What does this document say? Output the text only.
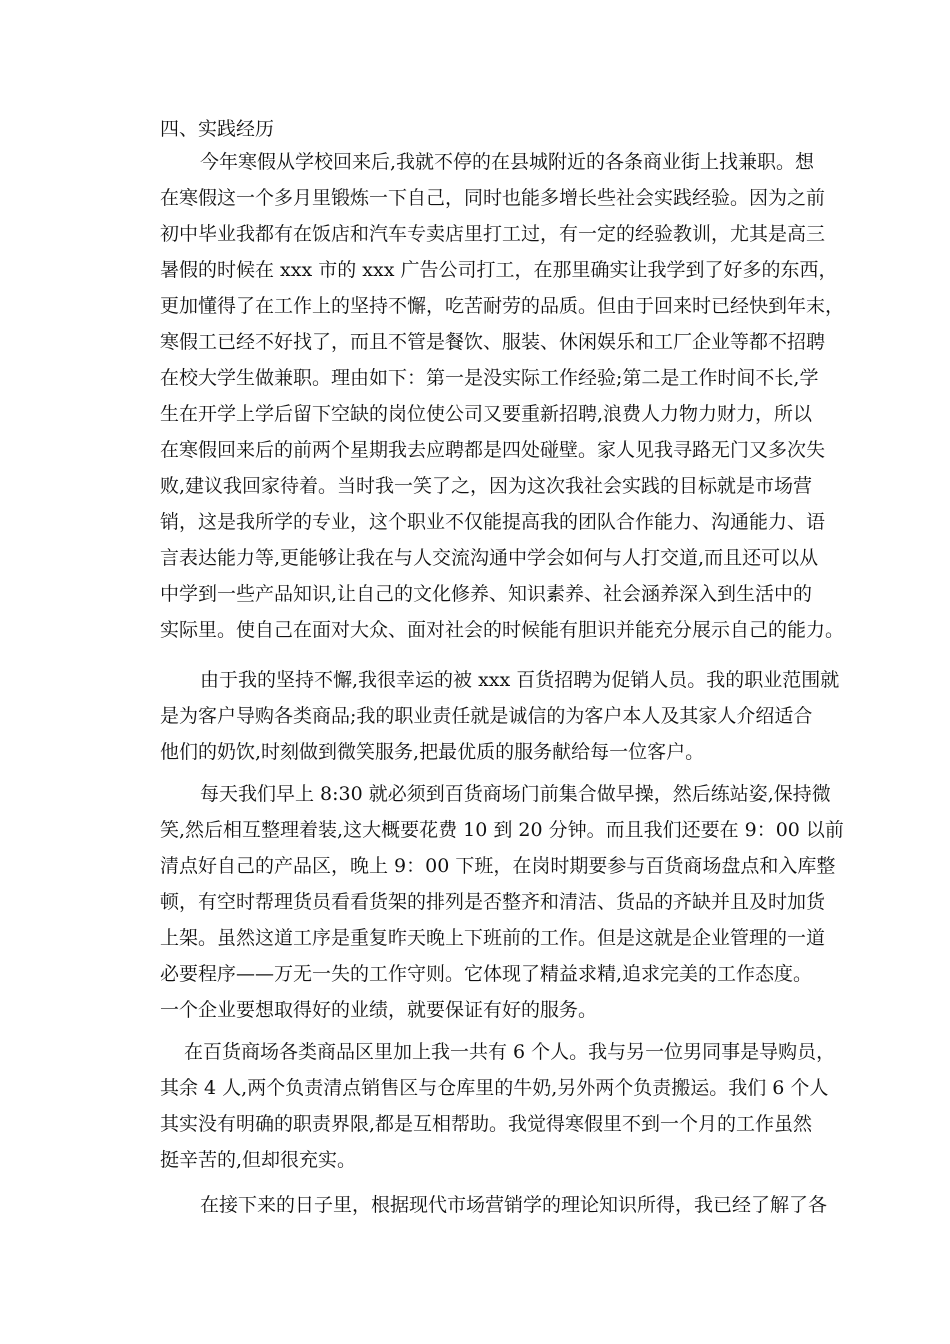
四、实践经历
今年寒假从学校回来后,我就不停的在县城附近的各条商业街上找兼职。想
在寒假这一个多月里锻炼一下自己，同时也能多增长些社会实践经验。因为之前
初中毕业我都有在饭店和汽车专卖店里打工过，有一定的经验教训，尤其是高三
暑假的时候在 xxx 市的 xxx 广告公司打工，在那里确实让我学到了好多的东西，
更加懂得了在工作上的坚持不懈，吃苦耐劳的品质。但由于回来时已经快到年末，
寒假工已经不好找了，而且不管是餐饮、服装、休闲娱乐和工厂企业等都不招聘
在校大学生做兼职。理由如下：第一是没实际工作经验;第二是工作时间不长,学
生在开学上学后留下空缺的岗位使公司又要重新招聘,浪费人力物力财力，所以
在寒假回来后的前两个星期我去应聘都是四处碰壁。家人见我寻路无门又多次失
败,建议我回家待着。当时我一笑了之，因为这次我社会实践的目标就是市场营
销，这是我所学的专业，这个职业不仅能提高我的团队合作能力、沟通能力、语
言表达能力等,更能够让我在与人交流沟通中学会如何与人打交道,而且还可以从
中学到一些产品知识,让自己的文化修养、知识素养、社会涵养深入到生活中的
实际里。使自己在面对大众、面对社会的时候能有胆识并能充分展示自己的能力。
由于我的坚持不懈,我很幸运的被 xxx 百货招聘为促销人员。我的职业范围就
是为客户导购各类商品;我的职业责任就是诚信的为客户本人及其家人介绍适合
他们的奶饮,时刻做到微笑服务,把最优质的服务献给每一位客户。
每天我们早上 8:30 就必须到百货商场门前集合做早操，然后练站姿,保持微
笑,然后相互整理着装,这大概要花费 10 到 20 分钟。而且我们还要在 9：00 以前
清点好自己的产品区，晚上 9：00 下班，在岗时期要参与百货商场盘点和入库整
顿，有空时帮理货员看看货架的排列是否整齐和清洁、货品的齐缺并且及时加货
上架。虽然这道工序是重复昨天晚上下班前的工作。但是这就是企业管理的一道
必要程序——万无一失的工作守则。它体现了精益求精,追求完美的工作态度。
一个企业要想取得好的业绩，就要保证有好的服务。
在百货商场各类商品区里加上我一共有 6 个人。我与另一位男同事是导购员，
其余 4 人,两个负责清点销售区与仓库里的牛奶,另外两个负责搬运。我们 6 个人
其实没有明确的职责界限,都是互相帮助。我觉得寒假里不到一个月的工作虽然
挺辛苦的,但却很充实。
在接下来的日子里，根据现代市场营销学的理论知识所得，我已经了解了各
